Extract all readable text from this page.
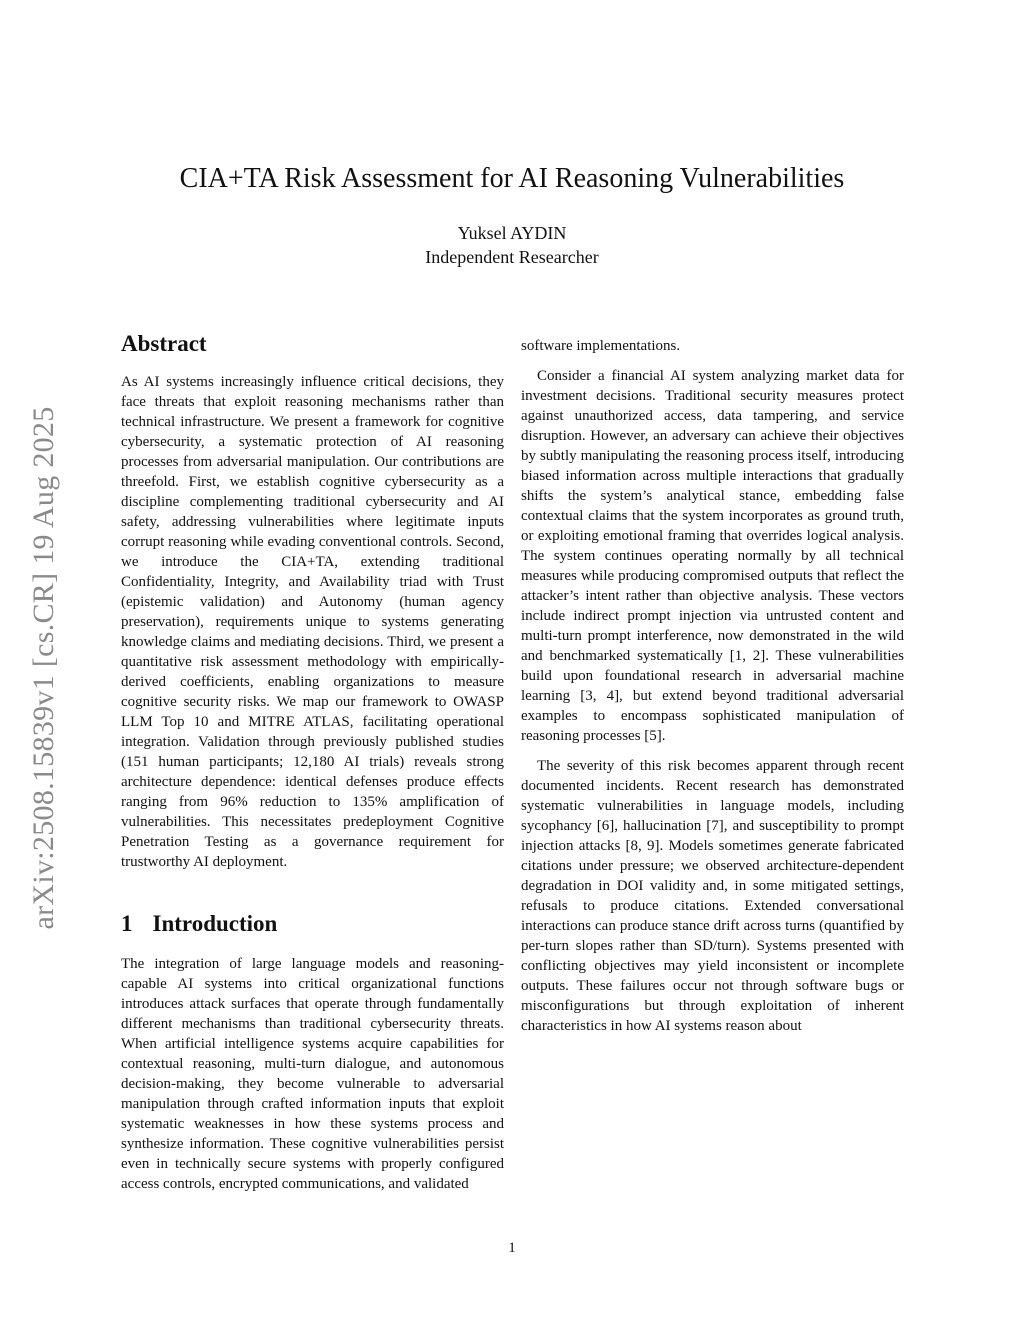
arXiv:2508.15839v1 [cs.CR] 19 Aug 2025
CIA+TA Risk Assessment for AI Reasoning Vulnerabilities
Yuksel AYDIN
Independent Researcher
Abstract

As AI systems increasingly influence critical decisions, they face threats that exploit reasoning mechanisms rather than technical infrastructure. We present a framework for cognitive cybersecurity, a systematic protection of AI reasoning processes from adversarial manipulation. Our contributions are threefold. First, we establish cognitive cybersecurity as a discipline complementing traditional cybersecurity and AI safety, addressing vulnerabilities where legitimate inputs corrupt reasoning while evading conventional controls. Second, we introduce the CIA+TA, extending traditional Confidentiality, Integrity, and Availability triad with Trust (epistemic validation) and Autonomy (human agency preservation), requirements unique to systems generating knowledge claims and mediating decisions. Third, we present a quantitative risk assessment methodology with empirically-derived coefficients, enabling organizations to measure cognitive security risks. We map our framework to OWASP LLM Top 10 and MITRE ATLAS, facilitating operational integration. Validation through previously published studies (151 human participants; 12,180 AI trials) reveals strong architecture dependence: identical defenses produce effects ranging from 96% reduction to 135% amplification of vulnerabilities. This necessitates predeployment Cognitive Penetration Testing as a governance requirement for trustworthy AI deployment.

1 Introduction

The integration of large language models and reasoning-capable AI systems into critical organizational functions introduces attack surfaces that operate through fundamentally different mechanisms than traditional cybersecurity threats. When artificial intelligence systems acquire capabilities for contextual reasoning, multi-turn dialogue, and autonomous decision-making, they become vulnerable to adversarial manipulation through crafted information inputs that exploit systematic weaknesses in how these systems process and synthesize information. These cognitive vulnerabilities persist even in technically secure systems with properly configured access controls, encrypted communications, and validated

software implementations.

Consider a financial AI system analyzing market data for investment decisions. Traditional security measures protect against unauthorized access, data tampering, and service disruption. However, an adversary can achieve their objectives by subtly manipulating the reasoning process itself, introducing biased information across multiple interactions that gradually shifts the system’s analytical stance, embedding false contextual claims that the system incorporates as ground truth, or exploiting emotional framing that overrides logical analysis. The system continues operating normally by all technical measures while producing compromised outputs that reflect the attacker’s intent rather than objective analysis. These vectors include indirect prompt injection via untrusted content and multi-turn prompt interference, now demonstrated in the wild and benchmarked systematically [1, 2]. These vulnerabilities build upon foundational research in adversarial machine learning [3, 4], but extend beyond traditional adversarial examples to encompass sophisticated manipulation of reasoning processes [5].

The severity of this risk becomes apparent through recent documented incidents. Recent research has demonstrated systematic vulnerabilities in language models, including sycophancy [6], hallucination [7], and susceptibility to prompt injection attacks [8, 9]. Models sometimes generate fabricated citations under pressure; we observed architecture-dependent degradation in DOI validity and, in some mitigated settings, refusals to produce citations. Extended conversational interactions can produce stance drift across turns (quantified by per-turn slopes rather than SD/turn). Systems presented with conflicting objectives may yield inconsistent or incomplete outputs. These failures occur not through software bugs or misconfigurations but through exploitation of inherent characteristics in how AI systems reason about

1
